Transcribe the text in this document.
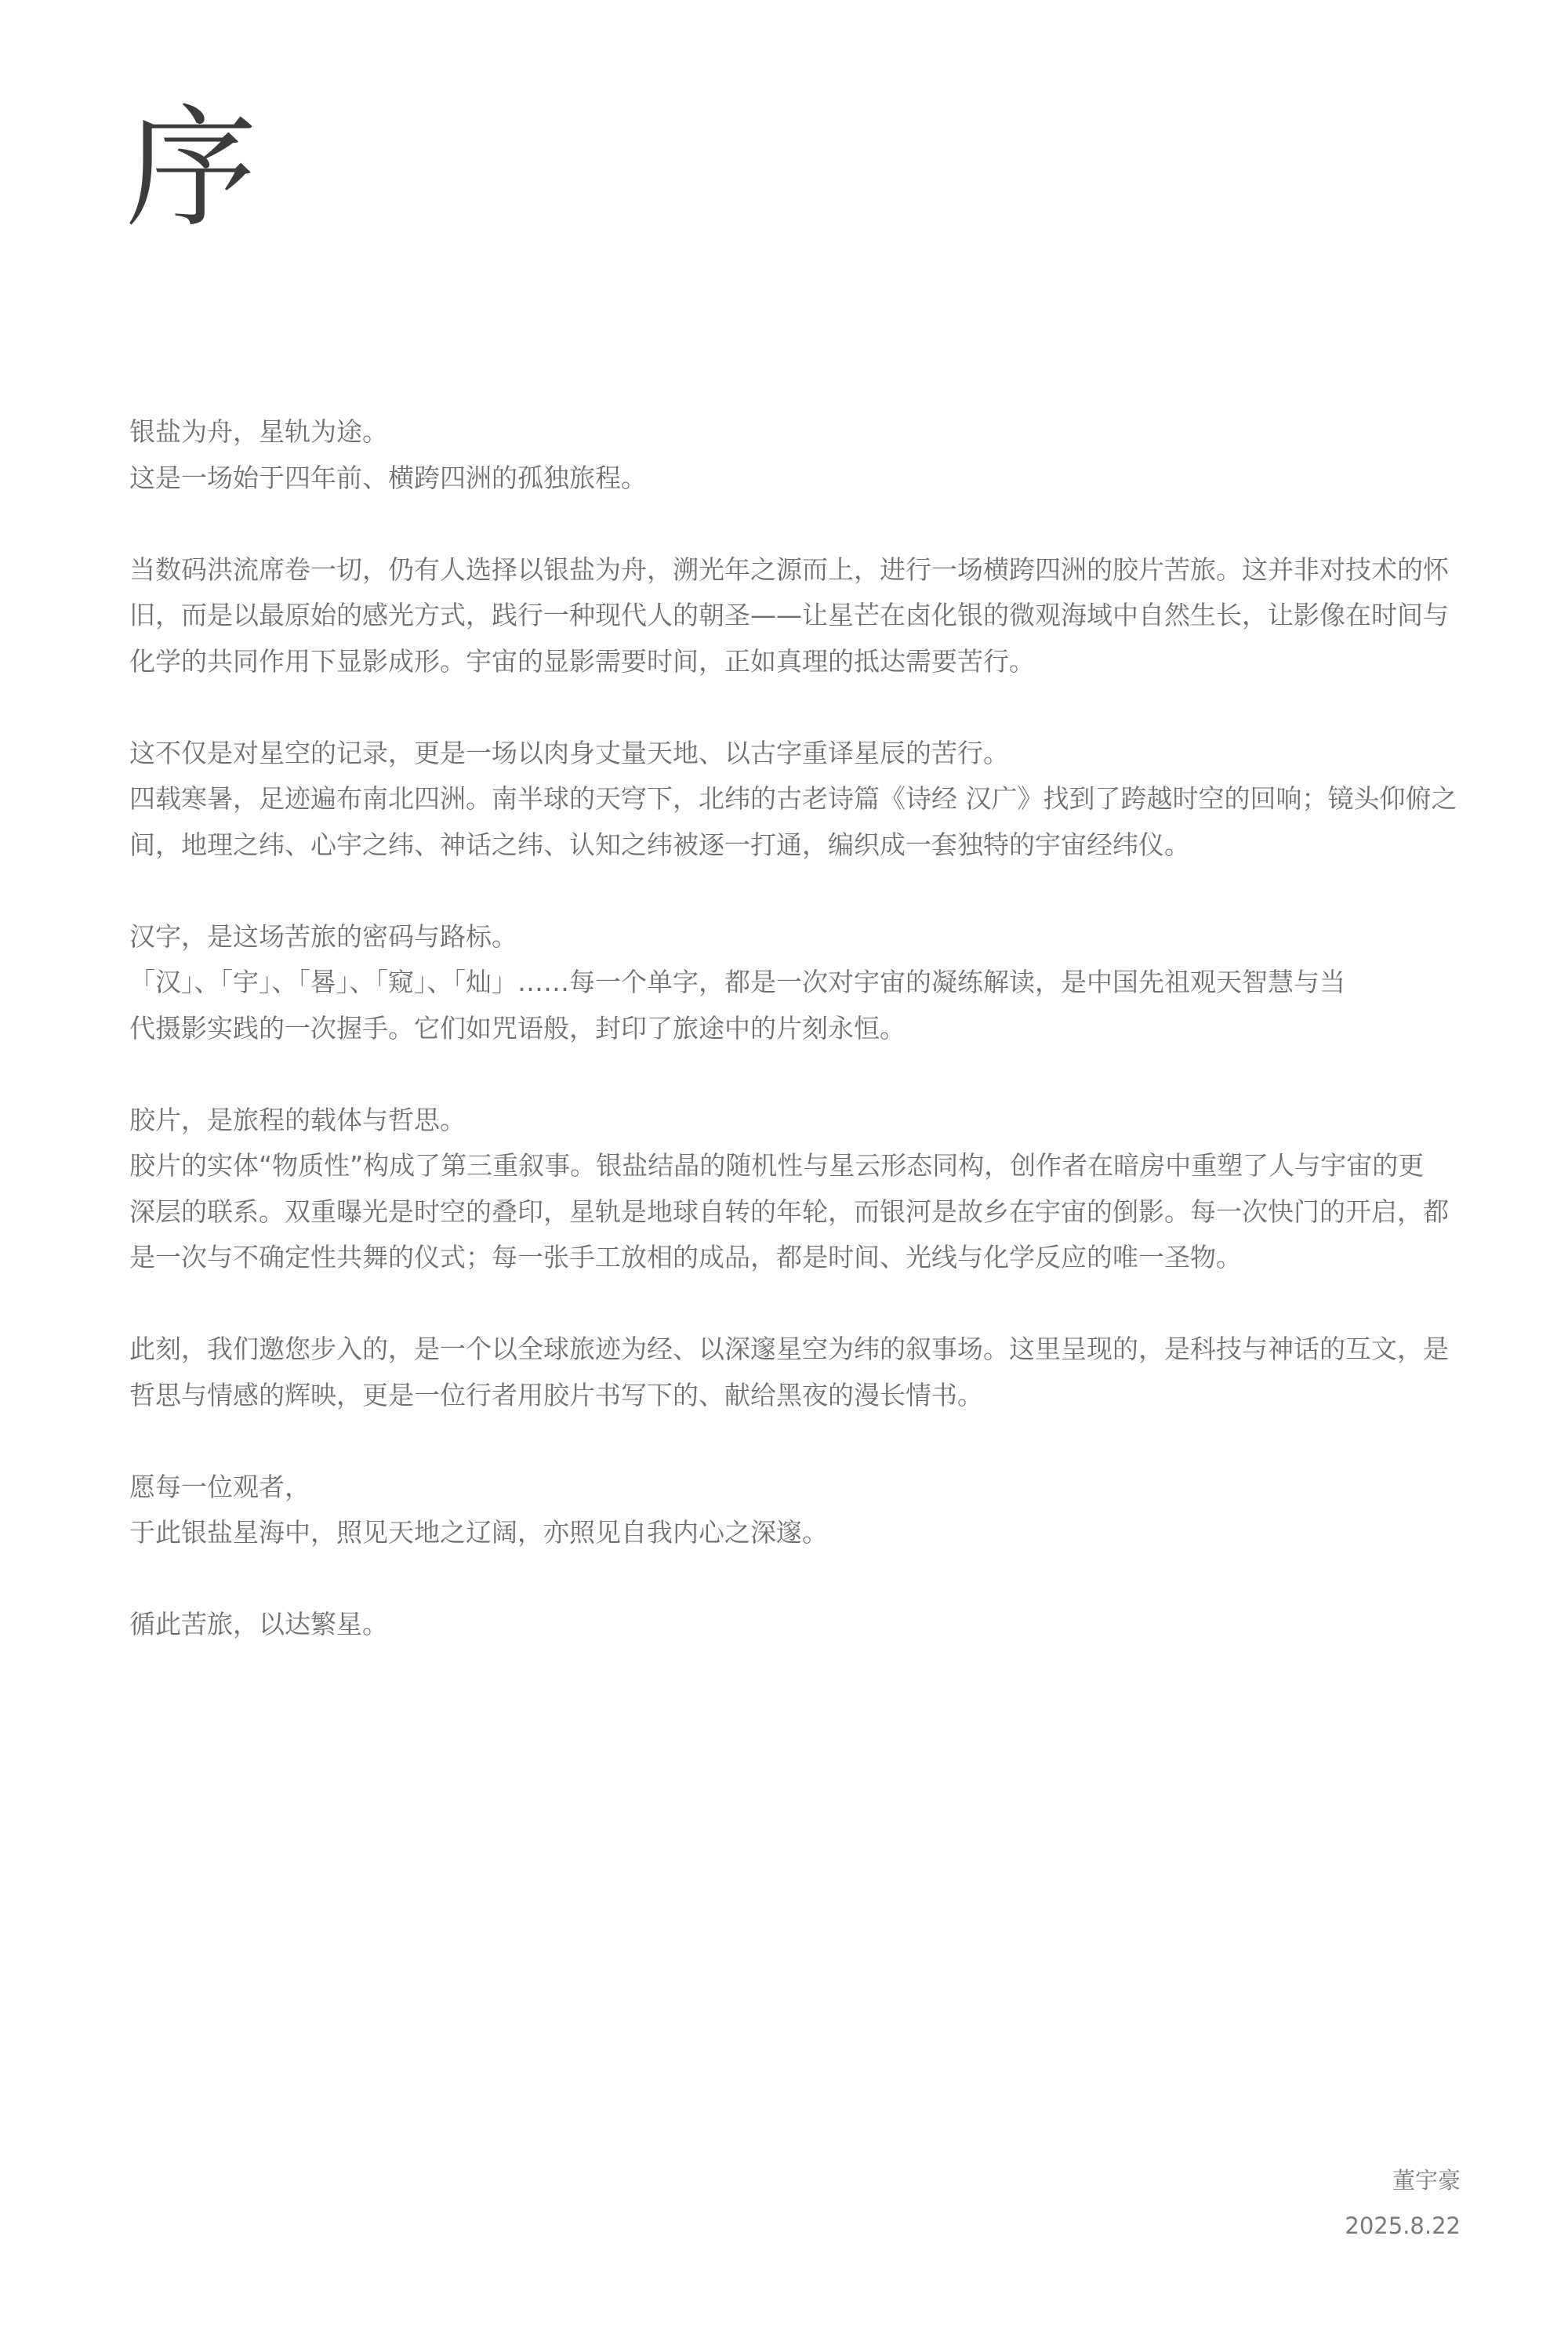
序
银盐为舟，星轨为途。
这是一场始于四年前、横跨四洲的孤独旅程。
当数码洪流席卷一切，仍有人选择以银盐为舟，溯光年之源而上，进行一场横跨四洲的胶片苦旅。这并非对技术的怀
旧，而是以最原始的感光方式，践行一种现代人的朝圣——让星芒在卤化银的微观海域中自然生长，让影像在时间与
化学的共同作用下显影成形。宇宙的显影需要时间，正如真理的抵达需要苦行。
这不仅是对星空的记录，更是一场以肉身丈量天地、以古字重译星辰的苦行。
四载寒暑，足迹遍布南北四洲。南半球的天穹下，北纬的古老诗篇《诗经 汉广》找到了跨越时空的回响；镜头仰俯之
间，地理之纬、心宇之纬、神话之纬、认知之纬被逐一打通，编织成一套独特的宇宙经纬仪。
汉字，是这场苦旅的密码与路标。
「汉」、「宇」、「晷」、「窥」、「灿」……每一个单字，都是一次对宇宙的凝练解读，是中国先祖观天智慧与当
代摄影实践的一次握手。它们如咒语般，封印了旅途中的片刻永恒。
胶片，是旅程的载体与哲思。
胶片的实体“物质性”构成了第三重叙事。银盐结晶的随机性与星云形态同构，创作者在暗房中重塑了人与宇宙的更
深层的联系。双重曝光是时空的叠印，星轨是地球自转的年轮，而银河是故乡在宇宙的倒影。每一次快门的开启，都
是一次与不确定性共舞的仪式；每一张手工放相的成品，都是时间、光线与化学反应的唯一圣物。
此刻，我们邀您步入的，是一个以全球旅迹为经、以深邃星空为纬的叙事场。这里呈现的，是科技与神话的互文，是
哲思与情感的辉映，更是一位行者用胶片书写下的、献给黑夜的漫长情书。
愿每一位观者，
于此银盐星海中，照见天地之辽阔，亦照见自我内心之深邃。
循此苦旅，以达繁星。
董宇豪
2025.8.22
